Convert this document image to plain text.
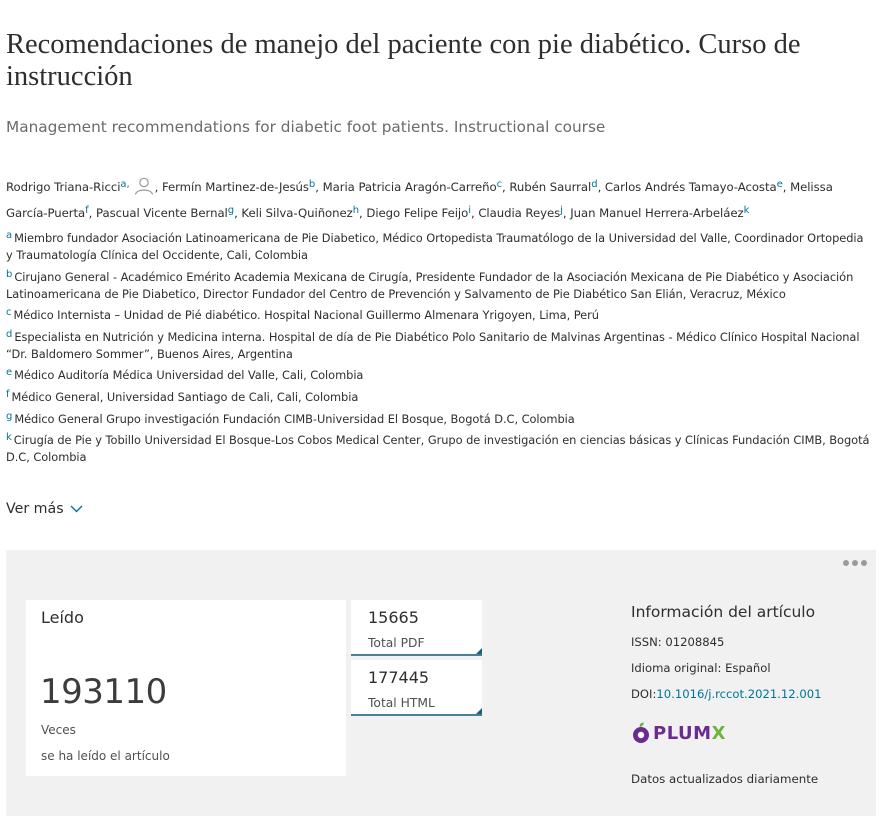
Recomendaciones de manejo del paciente con pie diabético. Curso de instrucción

Management recommendations for diabetic foot patients. Instructional course

Rodrigo Triana-Ricci$^{a,}$ , Fermín Martinez-de-Jesús$^b$, Maria Patricia Aragón-Carreño$^c$, Rubén Saurral$^d$, Carlos Andrés Tamayo-Acosta$^e$, Melissa García-Puerta$^f$, Pascual Vicente Bernal$^g$, Keli Silva-Quiñonez$^h$, Diego Felipe Feijo$^i$, Claudia Reyes$^j$, Juan Manuel Herrera-Arbeláez$^k$
$^a$ Miembro fundador Asociación Latinoamericana de Pie Diabetico, Médico Ortopedista Traumatólogo de la Universidad del Valle, Coordinador Ortopedia y Traumatología Clínica del Occidente, Cali, Colombia
$^b$ Cirujano General - Académico Emérito Academia Mexicana de Cirugía, Presidente Fundador de la Asociación Mexicana de Pie Diabético y Asociación Latinoamericana de Pie Diabetico, Director Fundador del Centro de Prevención y Salvamento de Pie Diabético San Elián, Veracruz, México
$^c$ Médico Internista – Unidad de Pié diabético. Hospital Nacional Guillermo Almenara Yrigoyen, Lima, Perú
$^d$ Especialista en Nutrición y Medicina interna. Hospital de día de Pie Diabético Polo Sanitario de Malvinas Argentinas - Médico Clínico Hospital Nacional “Dr. Baldomero Sommer”, Buenos Aires, Argentina
$^e$ Médico Auditoría Médica Universidad del Valle, Cali, Colombia
$^f$ Médico General, Universidad Santiago de Cali, Cali, Colombia
$^g$ Médico General Grupo investigación Fundación CIMB-Universidad El Bosque, Bogotá D.C, Colombia
$^k$ Cirugía de Pie y Tobillo Universidad El Bosque-Los Cobos Medical Center, Grupo de investigación en ciencias básicas y Clínicas Fundación CIMB, Bogotá D.C, Colombia
Ver más
Leído
193110
Veces
se ha leído el artículo
15665
Total PDF
177445
Total HTML
Información del artículo
ISSN: 01208845
Idioma original: Español
DOI:10.1016/j.rccot.2021.12.001
PLUMX
Datos actualizados diariamente
